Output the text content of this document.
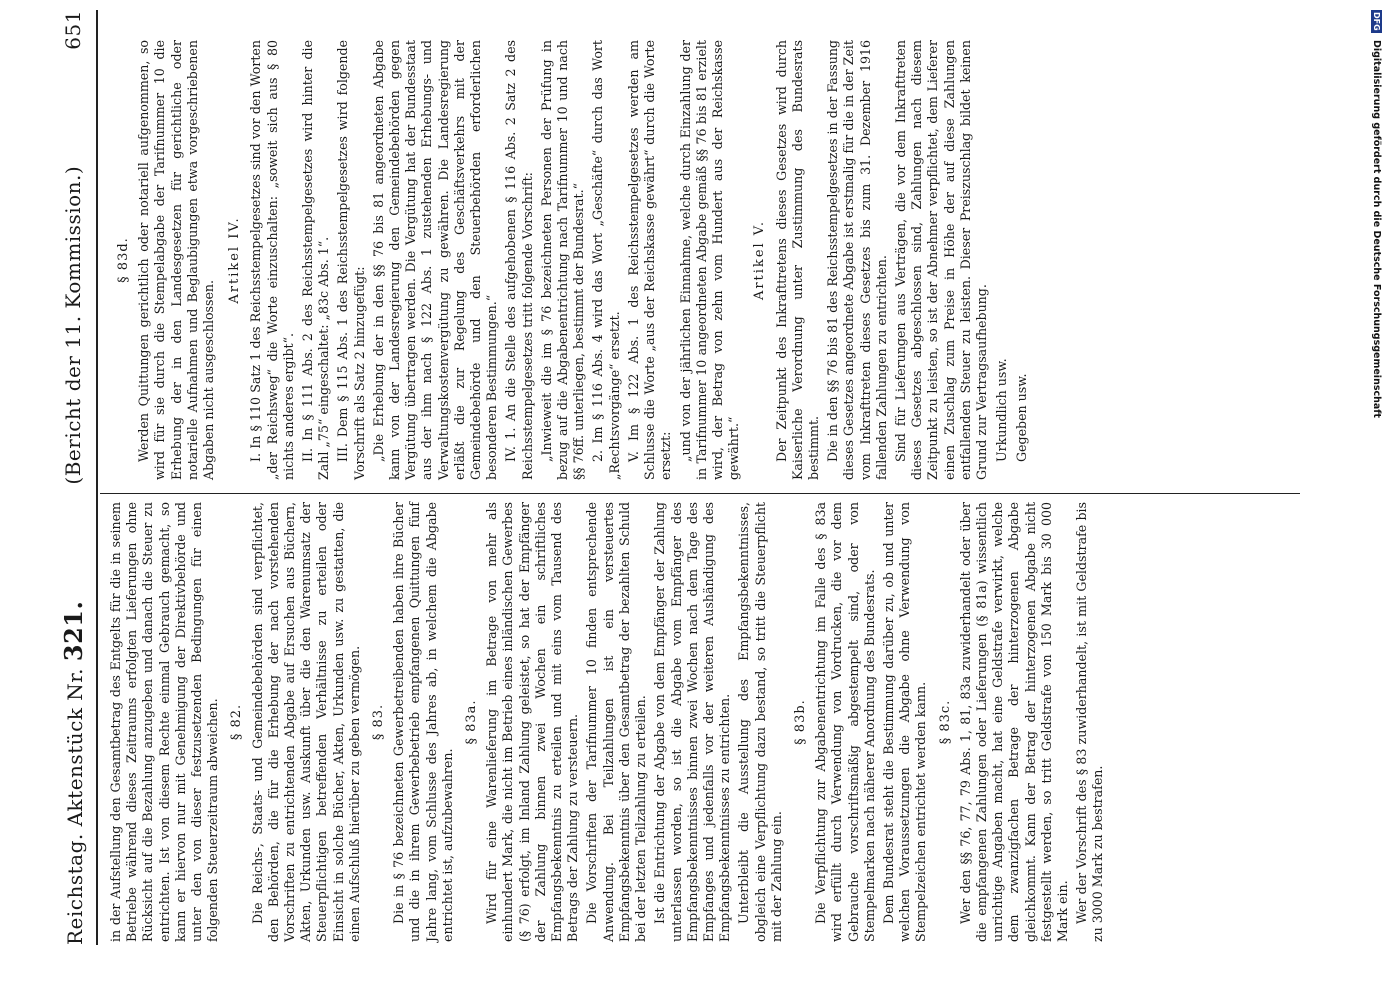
Reichstag. Aktenstück Nr. 321.
(Bericht der 11. Kommission.)
651

in der Aufstellung den Gesamtbetrag des Entgelts für die in seinem Betriebe während dieses Zeitraums erfolgten Lieferungen ohne Rücksicht auf die Bezahlung anzugeben und danach die Steuer zu entrichten. Ist von diesem Rechte einmal Gebrauch gemacht, so kann er hiervon nur mit Genehmigung der Direktivbehörde und unter den von dieser festzusetzenden Bedingungen für einen folgenden Steuerzeitraum abweichen. § 82. Die Reichs-, Staats- und Gemeindebehörden sind verpflichtet, den Behörden, die für die Erhebung der nach vorstehenden Vorschriften zu entrichtenden Abgabe auf Ersuchen aus Büchern, Akten, Urkunden usw. Auskunft über die den Warenumsatz der Steuerpflichtigen betreffenden Verhältnisse zu erteilen oder Einsicht in solche Bücher, Akten, Urkunden usw. zu gestatten, die einen Aufschluß hierüber zu geben vermögen. § 83. Die in § 76 bezeichneten Gewerbetreibenden haben ihre Bücher und die in ihrem Gewerbebetrieb empfangenen Quittungen fünf Jahre lang, vom Schlusse des Jahres ab, in welchem die Abgabe entrichtet ist, aufzubewahren.

§ 83a. Wird für eine Warenlieferung im Betrage von mehr als einhundert Mark, die nicht im Betrieb eines inländischen Gewerbes (§ 76) erfolgt, im Inland Zahlung geleistet, so hat der Empfänger der Zahlung binnen zwei Wochen ein schriftliches Empfangsbekenntnis zu erteilen und mit eins vom Tausend des Betrags der Zahlung zu versteuern. Die Vorschriften der Tarifnummer 10 finden entsprechende Anwendung. Bei Teilzahlungen ist ein versteuertes Empfangsbekenntnis über den Gesamtbetrag der bezahlten Schuld bei der letzten Teilzahlung zu erteilen. Ist die Entrichtung der Abgabe von dem Empfänger der Zahlung unterlassen worden, so ist die Abgabe vom Empfänger des Empfangsbekenntnisses binnen zwei Wochen nach dem Tage des Empfanges und jedenfalls vor der weiteren Aushändigung des Empfangsbekenntnisses zu entrichten. Unterbleibt die Ausstellung des Empfangsbekenntnisses, obgleich eine Verpflichtung dazu bestand, so tritt die Steuerpflicht mit der Zahlung ein.

§ 83b. Die Verpflichtung zur Abgabenentrichtung im Falle des § 83a wird erfüllt durch Verwendung von Vordrucken, die vor dem Gebrauche vorschriftsmäßig abgestempelt sind, oder von Stempelmarken nach näherer Anordnung des Bundesrats. Dem Bundesrat steht die Bestimmung darüber zu, ob und unter welchen Voraussetzungen die Abgabe ohne Verwendung von Stempelzeichen entrichtet werden kann. § 83c. Wer den §§ 76, 77, 79 Abs. 1, 81, 83a zuwiderhandelt oder über die empfangenen Zahlungen oder Lieferungen (§ 81a) wissentlich unrichtige Angaben macht, hat eine Geldstrafe verwirkt, welche dem zwanzigfachen Betrage der hinterzogenen Abgabe gleichkommt. Kann der Betrag der hinterzogenen Abgabe nicht festgestellt werden, so tritt Geldstrafe von 150 Mark bis 30 000 Mark ein. Wer der Vorschrift des § 83 zuwiderhandelt, ist mit Geldstrafe bis zu 3000 Mark zu bestrafen.

§ 83d. Werden Quittungen gerichtlich oder notariell aufgenommen, so wird für sie durch die Stempelabgabe der Tarifnummer 10 die Erhebung der in den Landesgesetzen für gerichtliche oder notarielle Aufnahmen und Beglaubigungen etwa vorgeschriebenen Abgaben nicht ausgeschlossen.

Artikel IV. I. In § 110 Satz 1 des Reichsstempelgesetzes sind vor den Worten „der Reichsweg“ die Worte einzuschalten: „soweit sich aus § 80 nichts anderes ergibt“. II. In § 111 Abs. 2 des Reichsstempelgesetzes wird hinter die Zahl „75“ eingeschaltet: „83c Abs. 1“. III. Dem § 115 Abs. 1 des Reichsstempelgesetzes wird folgende Vorschrift als Satz 2 hinzugefügt: „Die Erhebung der in den §§ 76 bis 81 angeordneten Abgabe kann von der Landesregierung den Gemeindebehörden gegen Vergütung übertragen werden. Die Vergütung hat der Bundesstaat aus der ihm nach § 122 Abs. 1 zustehenden Erhebungs- und Verwaltungskostenvergütung zu gewähren. Die Landesregierung erläßt die zur Regelung des Geschäftsverkehrs mit der Gemeindebehörde und den Steuerbehörden erforderlichen besonderen Bestimmungen.“ IV. 1. An die Stelle des aufgehobenen § 116 Abs. 2 Satz 2 des Reichsstempelgesetzes tritt folgende Vorschrift: „Inwieweit die im § 76 bezeichneten Personen der Prüfung in bezug auf die Abgabenentrichtung nach Tarifnummer 10 und nach §§ 76ff. unterliegen, bestimmt der Bundesrat.“ 2. Im § 116 Abs. 4 wird das Wort „Geschäfte“ durch das Wort „Rechtsvorgänge“ ersetzt. V. Im § 122 Abs. 1 des Reichsstempelgesetzes werden am Schlusse die Worte „aus der Reichskasse gewährt“ durch die Worte ersetzt: „und von der jährlichen Einnahme, welche durch Einzahlung der in Tarifnummer 10 angeordneten Abgabe gemäß §§ 76 bis 81 erzielt wird, der Betrag von zehn vom Hundert aus der Reichskasse gewährt.“

Artikel V. Der Zeitpunkt des Inkrafttretens dieses Gesetzes wird durch Kaiserliche Verordnung unter Zustimmung des Bundesrats bestimmt. Die in den §§ 76 bis 81 des Reichsstempelgesetzes in der Fassung dieses Gesetzes angeordnete Abgabe ist erstmalig für die in der Zeit vom Inkrafttreten dieses Gesetzes bis zum 31. Dezember 1916 fallenden Zahlungen zu entrichten. Sind für Lieferungen aus Verträgen, die vor dem Inkrafttreten dieses Gesetzes abgeschlossen sind, Zahlungen nach diesem Zeitpunkt zu leisten, so ist der Abnehmer verpflichtet, dem Lieferer einen Zuschlag zum Preise in Höhe der auf diese Zahlungen entfallenden Steuer zu leisten. Dieser Preiszuschlag bildet keinen Grund zur Vertragsaufhebung. Urkundlich usw. Gegeben usw.

DFG Digitalisierung gefördert durch die Deutsche Forschungsgemeinschaft
